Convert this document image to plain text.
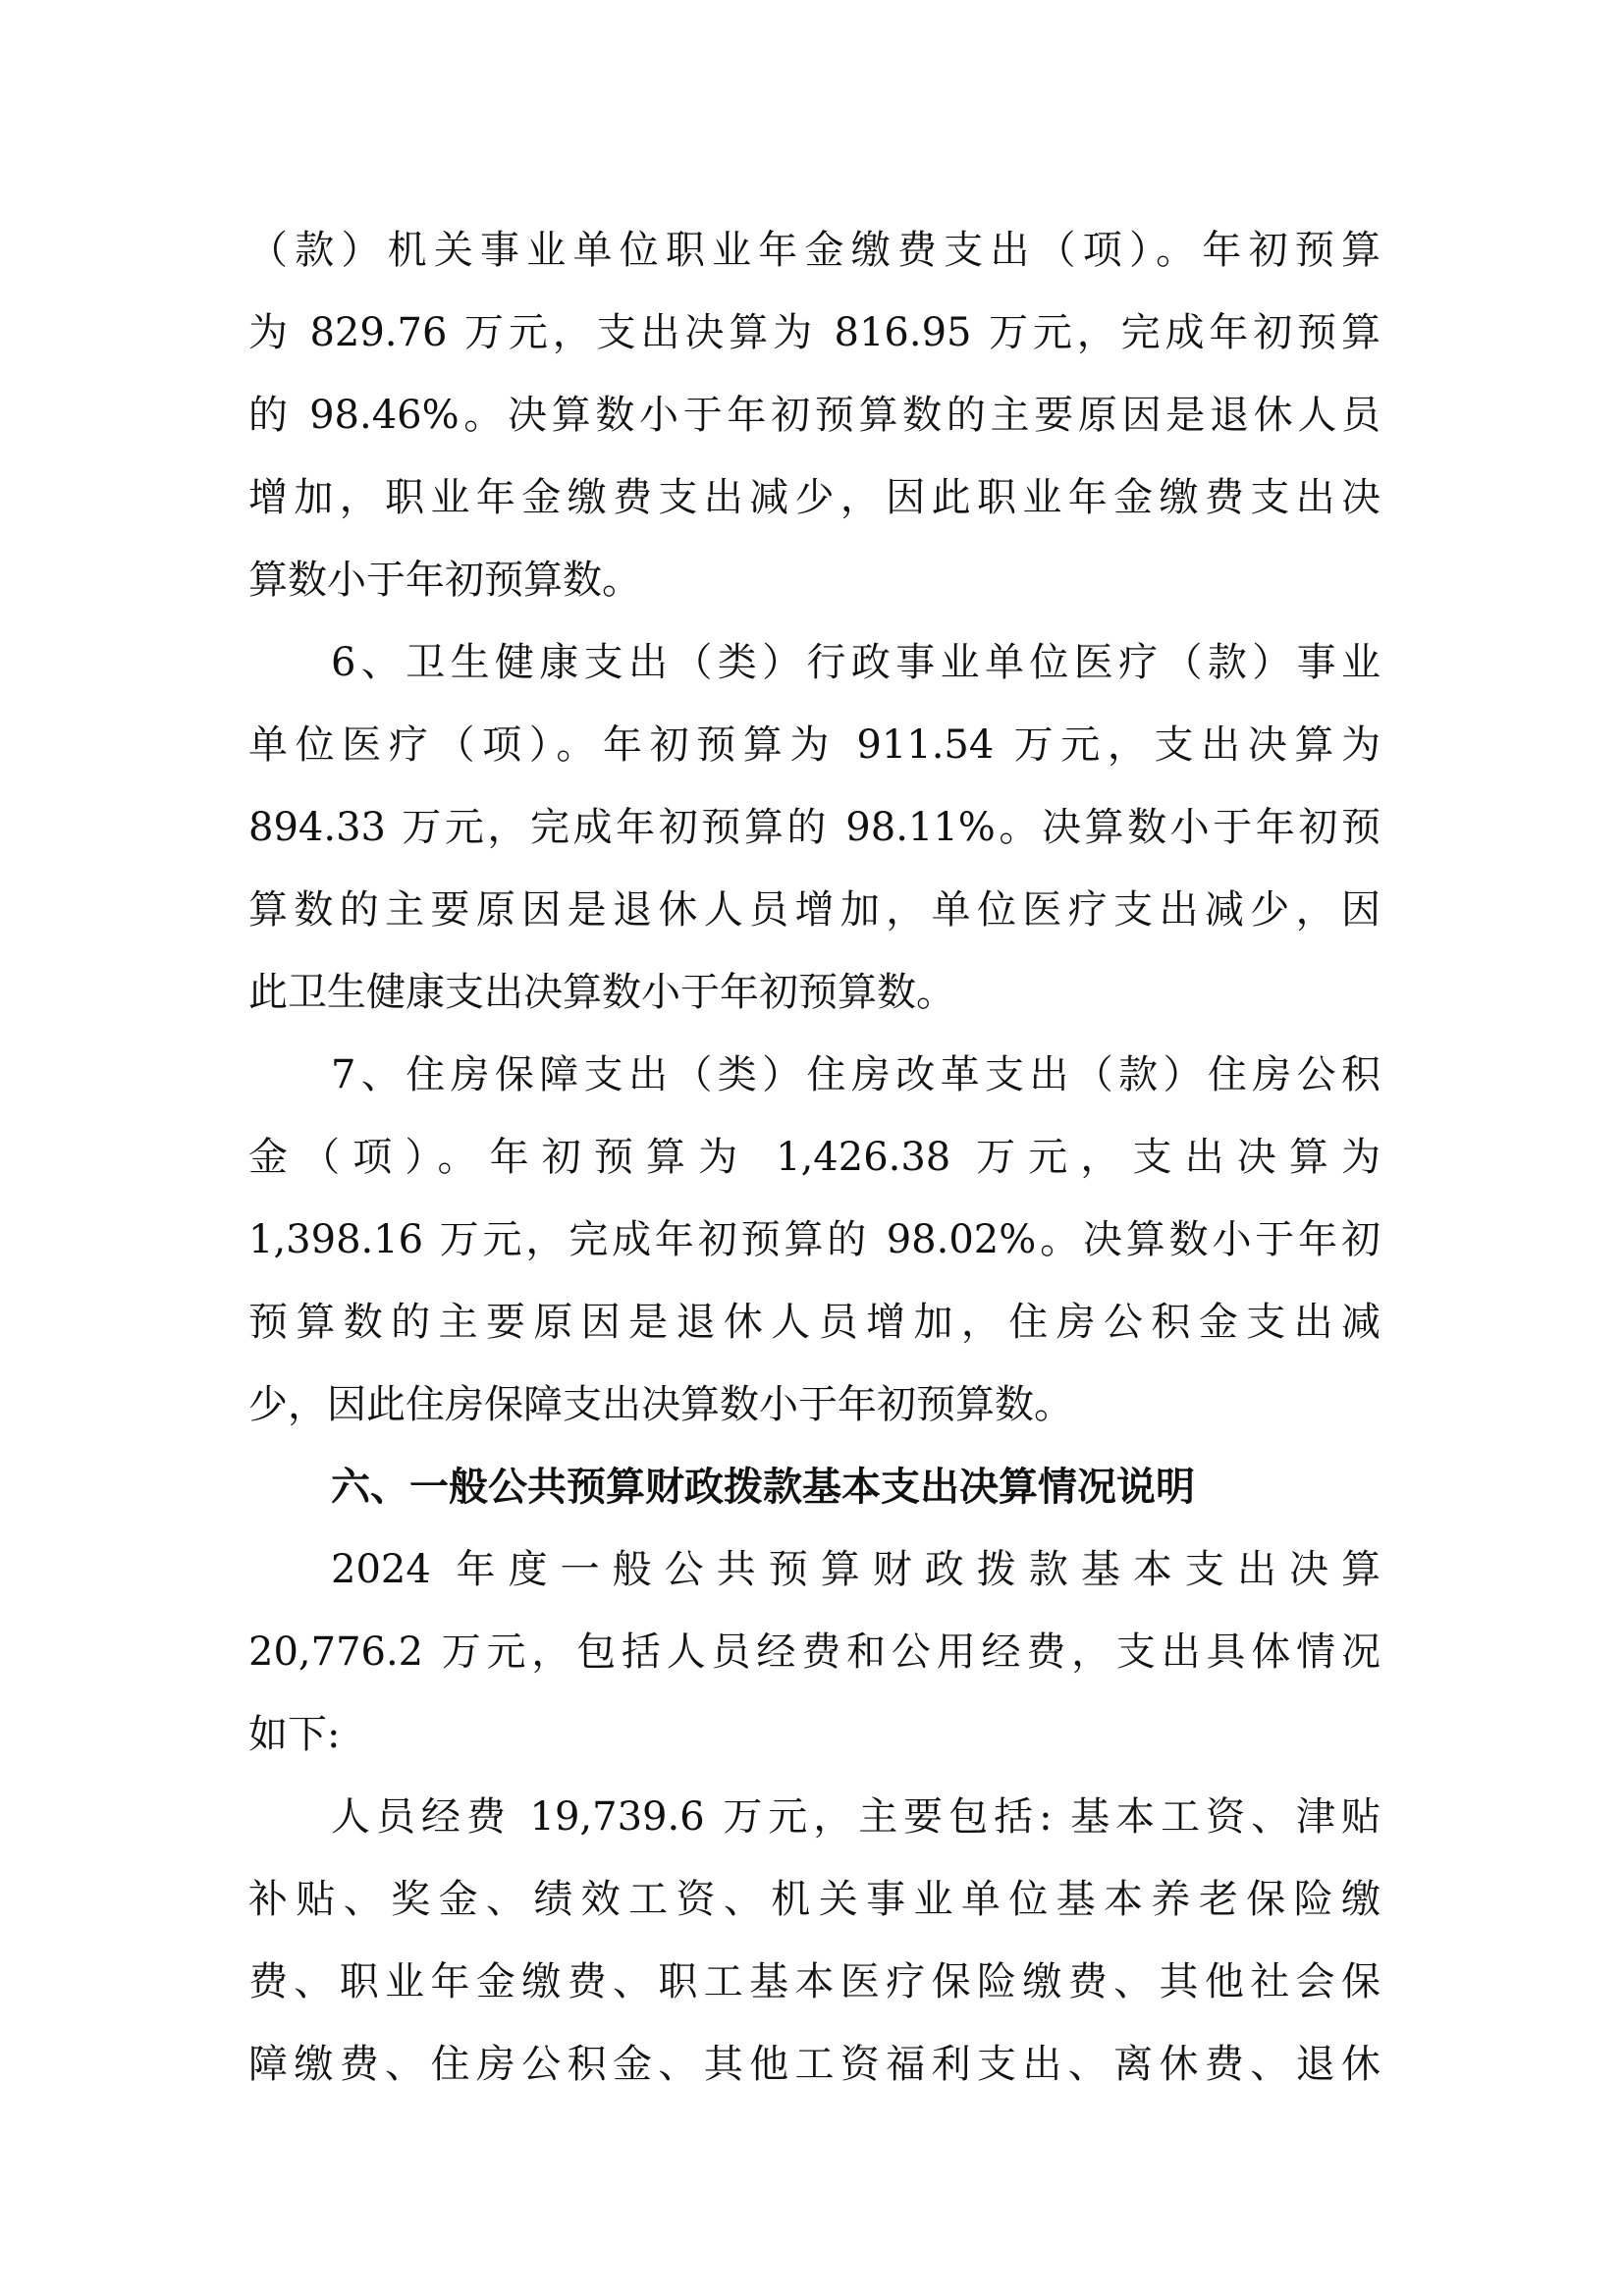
（款）机关事业单位职业年金缴费支出（项）。年初预算
为 829.76 万元，支出决算为 816.95 万元，完成年初预算
的 98.46%。决算数小于年初预算数的主要原因是退休人员
增加，职业年金缴费支出减少，因此职业年金缴费支出决
算数小于年初预算数。
6、卫生健康支出（类）行政事业单位医疗（款）事业
单位医疗（项）。年初预算为 911.54 万元，支出决算为
894.33 万元，完成年初预算的 98.11%。决算数小于年初预
算数的主要原因是退休人员增加，单位医疗支出减少，因
此卫生健康支出决算数小于年初预算数。
7、住房保障支出（类）住房改革支出（款）住房公积
金（项）。年初预算为 1,426.38 万元，支出决算为
1,398.16 万元，完成年初预算的 98.02%。决算数小于年初
预算数的主要原因是退休人员增加，住房公积金支出减
少，因此住房保障支出决算数小于年初预算数。
六、一般公共预算财政拨款基本支出决算情况说明
2024 年度一般公共预算财政拨款基本支出决算
20,776.2 万元，包括人员经费和公用经费，支出具体情况
如下:
人员经费 19,739.6 万元，主要包括: 基本工资、津贴
补贴、奖金、绩效工资、机关事业单位基本养老保险缴
费、职业年金缴费、职工基本医疗保险缴费、其他社会保
障缴费、住房公积金、其他工资福利支出、离休费、退休
